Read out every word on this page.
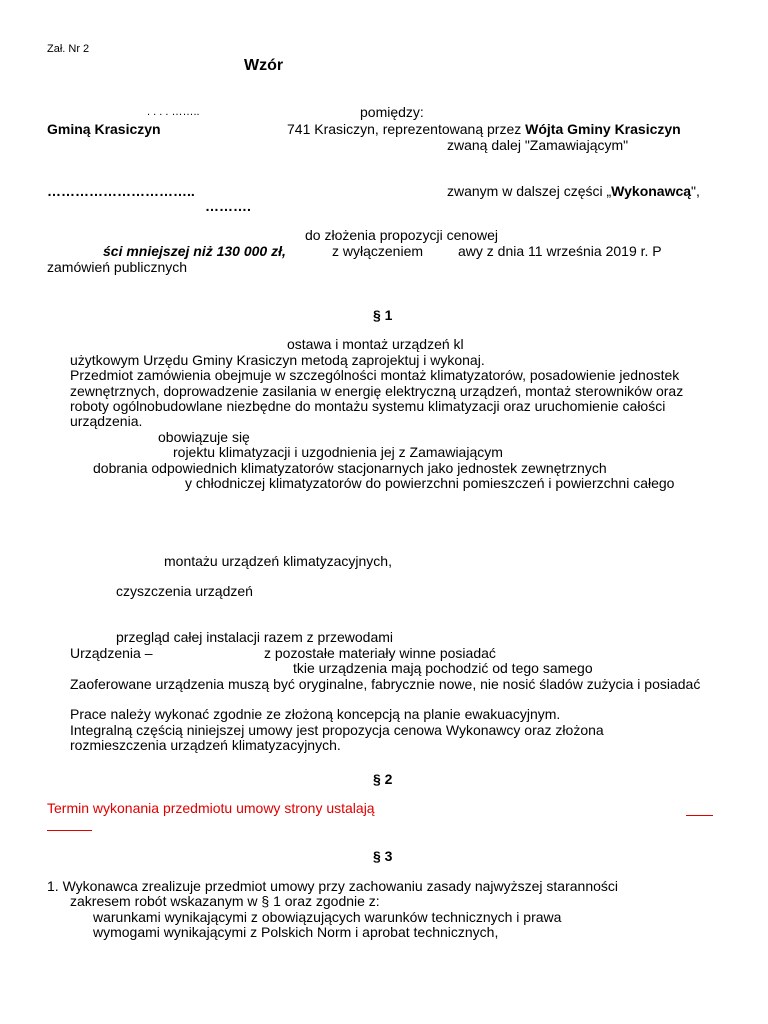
Zał. Nr 2
Wzór
. . . . ……..	pomiędzy:
Gminą Krasiczyn	741 Krasiczyn, reprezentowaną przez Wójta Gminy Krasiczyn
zwaną dalej "Zamawiającym"
…………………………..	zwanym w dalszej części „Wykonawcą",
……….
do złożenia propozycji cenowej
ści mniejszej niż 130 000 zł,	z wyłączeniem awy z dnia 11 września 2019 r. P
zamówień publicznych
§ 1
ostawa i montaż urządzeń kl
użytkowym Urzędu Gminy Krasiczyn metodą zaprojektuj i wykonaj.
Przedmiot zamówienia obejmuje w szczególności montaż klimatyzatorów, posadowienie jednostek
zewnętrznych, doprowadzenie zasilania w energię elektryczną urządzeń, montaż sterowników oraz
roboty ogólnobudowlane niezbędne do montażu systemu klimatyzacji oraz uruchomienie całości
urządzenia.
obowiązuje się
rojektu klimatyzacji i uzgodnienia jej z Zamawiającym
dobrania odpowiednich klimatyzatorów stacjonarnych jako jednostek zewnętrznych
y chłodniczej klimatyzatorów do powierzchni pomieszczeń i powierzchni całego
montażu urządzeń klimatyzacyjnych,
czyszczenia urządzeń
przegląd całej instalacji razem z przewodami
Urządzenia –	z pozostałe materiały winne posiadać
tkie urządzenia mają pochodzić od tego samego
Zaoferowane urządzenia muszą być oryginalne, fabrycznie nowe, nie nosić śladów zużycia i posiadać
Prace należy wykonać zgodnie ze złożoną koncepcją na planie ewakuacyjnym.
Integralną częścią niniejszej umowy jest propozycja cenowa Wykonawcy oraz złożona
rozmieszczenia urządzeń klimatyzacyjnych.
§ 2
Termin wykonania przedmiotu umowy strony ustalają
§ 3
1. Wykonawca zrealizuje przedmiot umowy przy zachowaniu zasady najwyższej staranności
zakresem robót wskazanym w § 1 oraz zgodnie z:
warunkami wynikającymi z obowiązujących warunków technicznych i prawa
wymogami wynikającymi z Polskich Norm i aprobat technicznych,
